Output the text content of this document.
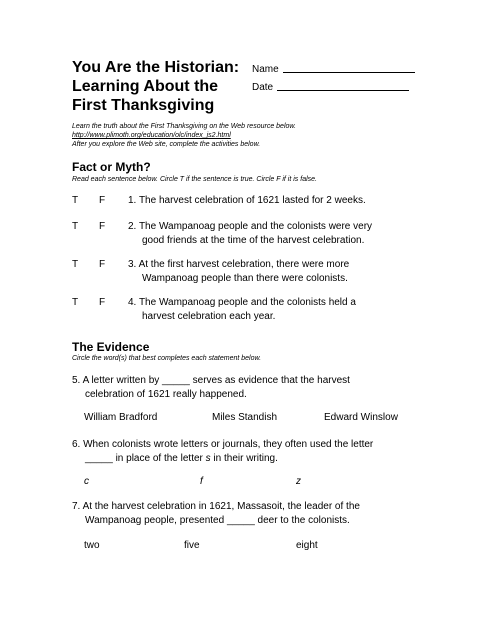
You Are the Historian:
Learning About the
First Thanksgiving
Name
Date
Learn the truth about the First Thanksgiving on the Web resource below.
http://www.plimoth.org/education/olc/index_js2.html
After you explore the Web site, complete the activities below.
Fact or Myth?
Read each sentence below. Circle T if the sentence is true. Circle F if it is false.
T F 1. The harvest celebration of 1621 lasted for 2 weeks.
T F 2. The Wampanoag people and the colonists were very
good friends at the time of the harvest celebration.
T F 3. At the first harvest celebration, there were more
Wampanoag people than there were colonists.
T F 4. The Wampanoag people and the colonists held a
harvest celebration each year.
The Evidence
Circle the word(s) that best completes each statement below.
5. A letter written by _____ serves as evidence that the harvest
celebration of 1621 really happened.
William Bradford	Miles Standish	Edward Winslow
6. When colonists wrote letters or journals, they often used the letter
_____ in place of the letter s in their writing.
c	f	z
7. At the harvest celebration in 1621, Massasoit, the leader of the
Wampanoag people, presented _____ deer to the colonists.
two	five	eight
